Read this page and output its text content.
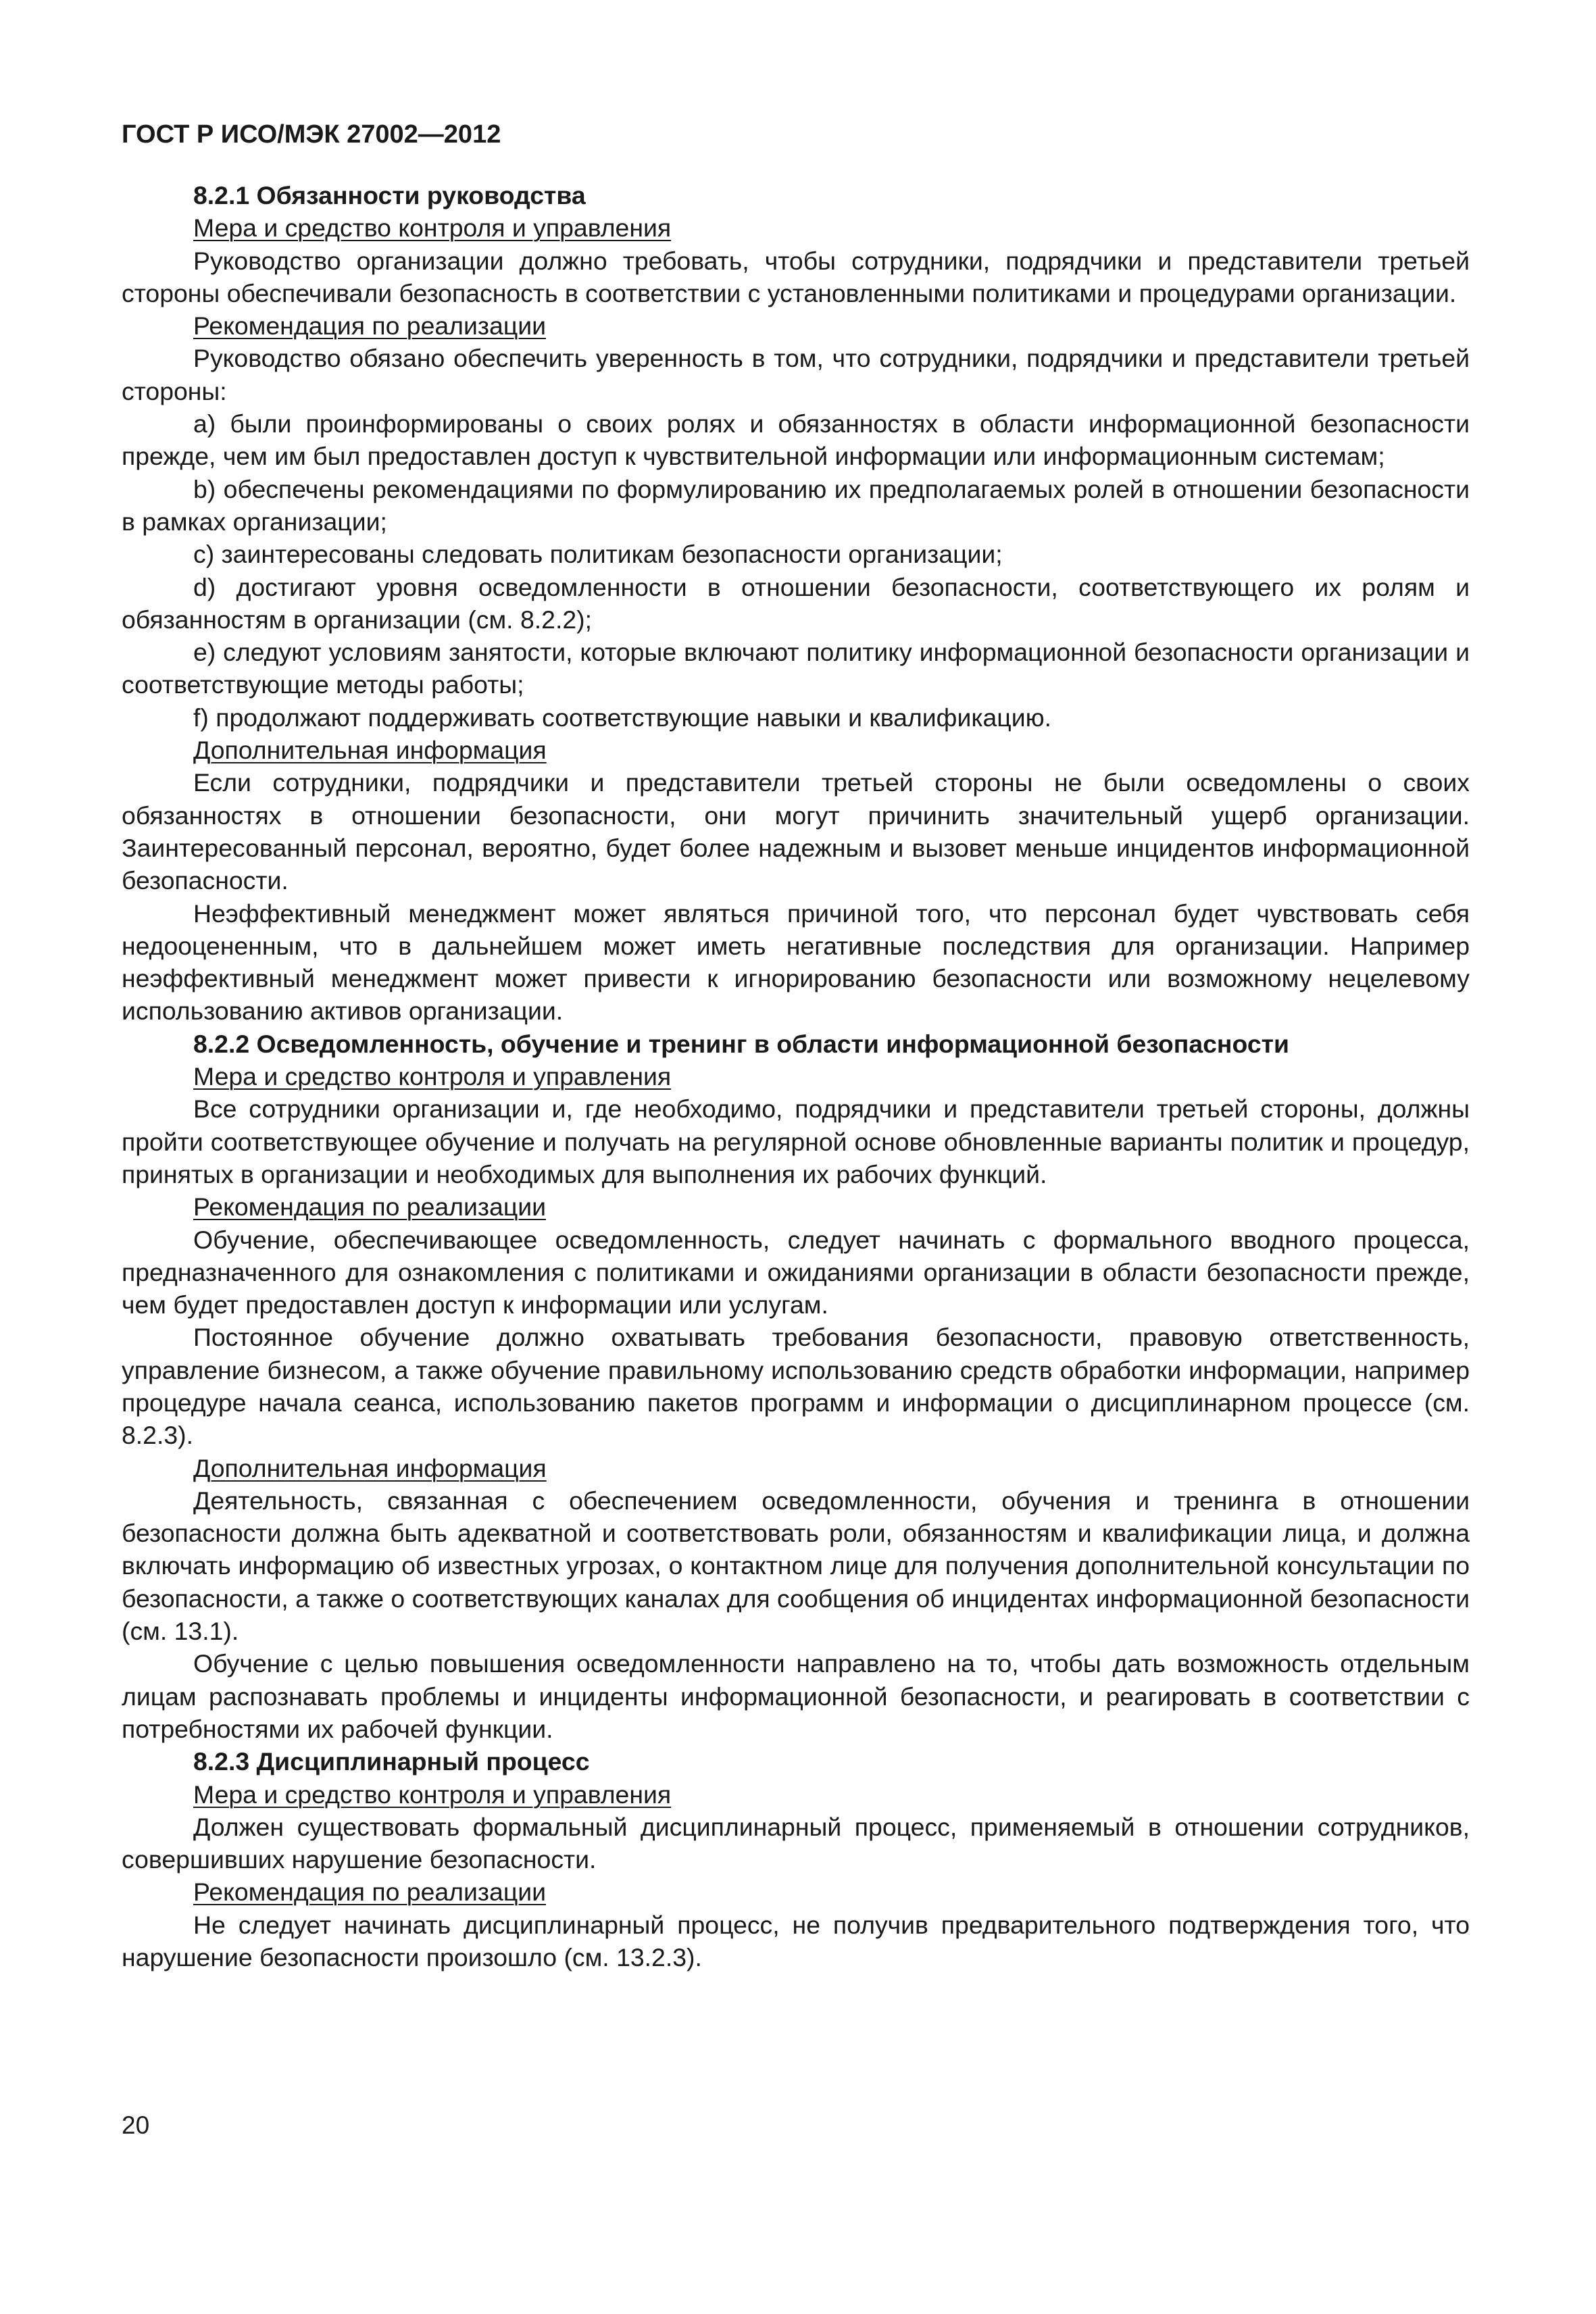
ГОСТ Р ИСО/МЭК 27002—2012

8.2.1 Обязанности руководства

Мера и средство контроля и управления

Руководство организации должно требовать, чтобы сотрудники, подрядчики и представители третьей стороны обеспечивали безопасность в соответствии с установленными политиками и процедурами организации.

Рекомендация по реализации

Руководство обязано обеспечить уверенность в том, что сотрудники, подрядчики и представители третьей стороны:

a) были проинформированы о своих ролях и обязанностях в области информационной безопасности прежде, чем им был предоставлен доступ к чувствительной информации или информационным системам;

b) обеспечены рекомендациями по формулированию их предполагаемых ролей в отношении безопасности в рамках организации;

c) заинтересованы следовать политикам безопасности организации;

d) достигают уровня осведомленности в отношении безопасности, соответствующего их ролям и обязанностям в организации (см. 8.2.2);

e) следуют условиям занятости, которые включают политику информационной безопасности организации и соответствующие методы работы;

f) продолжают поддерживать соответствующие навыки и квалификацию.

Дополнительная информация

Если сотрудники, подрядчики и представители третьей стороны не были осведомлены о своих обязанностях в отношении безопасности, они могут причинить значительный ущерб организации. Заинтересованный персонал, вероятно, будет более надежным и вызовет меньше инцидентов информационной безопасности.

Неэффективный менеджмент может являться причиной того, что персонал будет чувствовать себя недооцененным, что в дальнейшем может иметь негативные последствия для организации. Например неэффективный менеджмент может привести к игнорированию безопасности или возможному нецелевому использованию активов организации.

8.2.2 Осведомленность, обучение и тренинг в области информационной безопасности

Мера и средство контроля и управления

Все сотрудники организации и, где необходимо, подрядчики и представители третьей стороны, должны пройти соответствующее обучение и получать на регулярной основе обновленные варианты политик и процедур, принятых в организации и необходимых для выполнения их рабочих функций.

Рекомендация по реализации

Обучение, обеспечивающее осведомленность, следует начинать с формального вводного процесса, предназначенного для ознакомления с политиками и ожиданиями организации в области безопасности прежде, чем будет предоставлен доступ к информации или услугам.

Постоянное обучение должно охватывать требования безопасности, правовую ответственность, управление бизнесом, а также обучение правильному использованию средств обработки информации, например процедуре начала сеанса, использованию пакетов программ и информации о дисциплинарном процессе (см. 8.2.3).

Дополнительная информация

Деятельность, связанная с обеспечением осведомленности, обучения и тренинга в отношении безопасности должна быть адекватной и соответствовать роли, обязанностям и квалификации лица, и должна включать информацию об известных угрозах, о контактном лице для получения дополнительной консультации по безопасности, а также о соответствующих каналах для сообщения об инцидентах информационной безопасности (см. 13.1).

Обучение с целью повышения осведомленности направлено на то, чтобы дать возможность отдельным лицам распознавать проблемы и инциденты информационной безопасности, и реагировать в соответствии с потребностями их рабочей функции.

8.2.3 Дисциплинарный процесс

Мера и средство контроля и управления

Должен существовать формальный дисциплинарный процесс, применяемый в отношении сотрудников, совершивших нарушение безопасности.

Рекомендация по реализации

Не следует начинать дисциплинарный процесс, не получив предварительного подтверждения того, что нарушение безопасности произошло (см. 13.2.3).

20
